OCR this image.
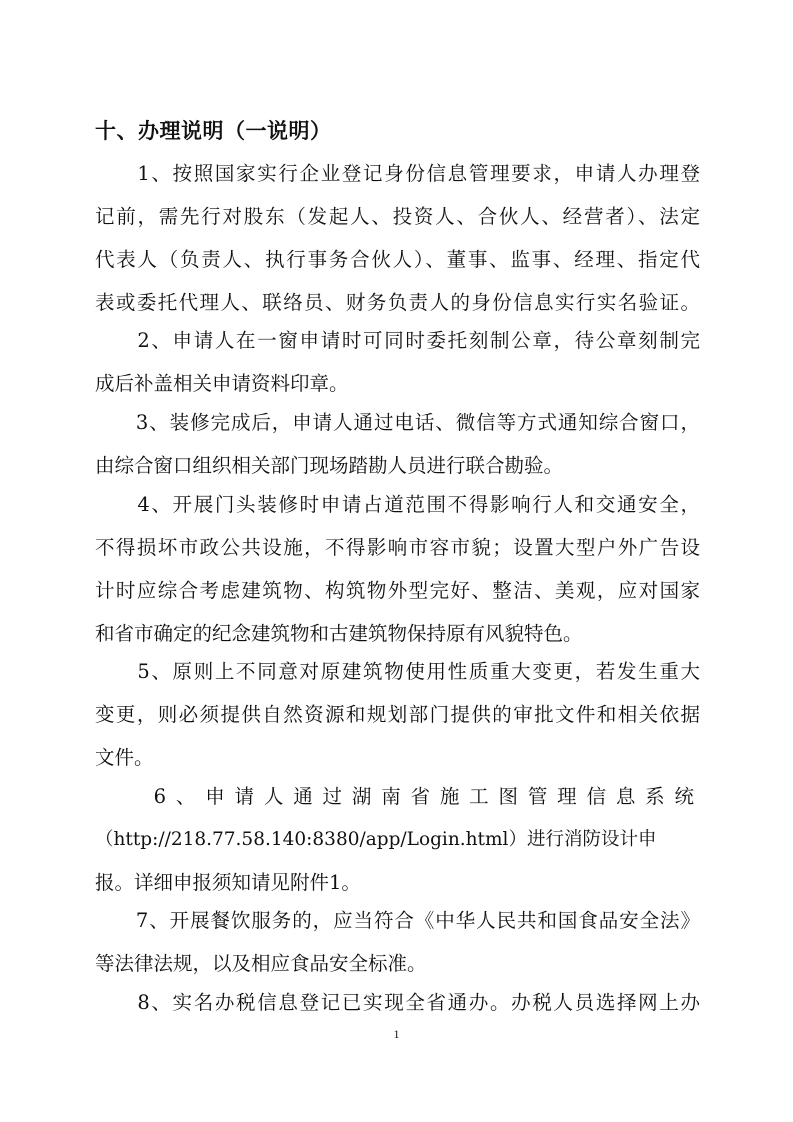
十、办理说明（一说明）
　　1、按照国家实行企业登记身份信息管理要求，申请人办理登
记前，需先行对股东（发起人、投资人、合伙人、经营者）、法定
代表人（负责人、执行事务合伙人）、董事、监事、经理、指定代
表或委托代理人、联络员、财务负责人的身份信息实行实名验证。
　　2、申请人在一窗申请时可同时委托刻制公章，待公章刻制完
成后补盖相关申请资料印章。
　　3、装修完成后，申请人通过电话、微信等方式通知综合窗口，
由综合窗口组织相关部门现场踏勘人员进行联合勘验。
　　4、开展门头装修时申请占道范围不得影响行人和交通安全，
不得损坏市政公共设施，不得影响市容市貌；设置大型户外广告设
计时应综合考虑建筑物、构筑物外型完好、整洁、美观，应对国家
和省市确定的纪念建筑物和古建筑物保持原有风貌特色。
　　5、原则上不同意对原建筑物使用性质重大变更，若发生重大
变更，则必须提供自然资源和规划部门提供的审批文件和相关依据
文件。
　　6、申请人通过湖南省施工图管理信息系统
（http://218.77.58.140:8380/app/Login.html）进行消防设计申
报。详细申报须知请见附件1。
　　7、开展餐饮服务的，应当符合《中华人民共和国食品安全法》
等法律法规，以及相应食品安全标准。
　　8、实名办税信息登记已实现全省通办。办税人员选择网上办
1
